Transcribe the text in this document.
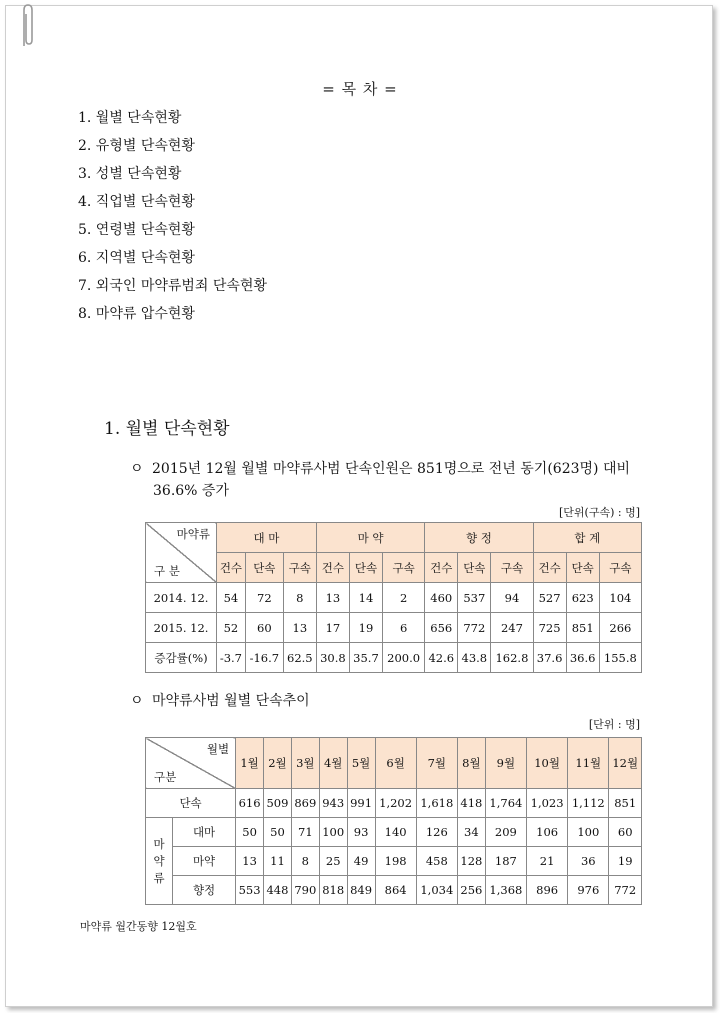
= 목 차 =
1. 월별 단속현황
2. 유형별 단속현황
3. 성별 단속현황
4. 직업별 단속현황
5. 연령별 단속현황
6. 지역별 단속현황
7. 외국인 마약류범죄 단속현황
8. 마약류 압수현황
1. 월별 단속현황
ㅇ 2015년 12월 월별 마약류사범 단속인원은 851명으로 전년 동기(623명) 대비
36.6% 증가
[단위(구속) : 명]
마약류
구 분	대 마			마 약			향 정			합 계		
	건수	단속	구속	건수	단속	구속	건수	단속	구속	건수	단속	구속
2014. 12.	54	72	8	13	14	2	460	537	94	527	623	104
2015. 12.	52	60	13	17	19	6	656	772	247	725	851	266
증감률(%)	-3.7	-16.7	62.5	30.8	35.7	200.0	42.6	43.8	162.8	37.6	36.6	155.8
ㅇ 마약류사범 월별 단속추이
[단위 : 명]
월별
구분		1월	2월	3월	4월	5월	6월	7월	8월	9월	10월	11월	12월
단속		616	509	869	943	991	1,202	1,618	418	1,764	1,023	1,112	851
마
약
류	대마	50	50	71	100	93	140	126	34	209	106	100	60
	마약	13	11	8	25	49	198	458	128	187	21	36	19
	향정	553	448	790	818	849	864	1,034	256	1,368	896	976	772
마약류 월간동향 12월호
